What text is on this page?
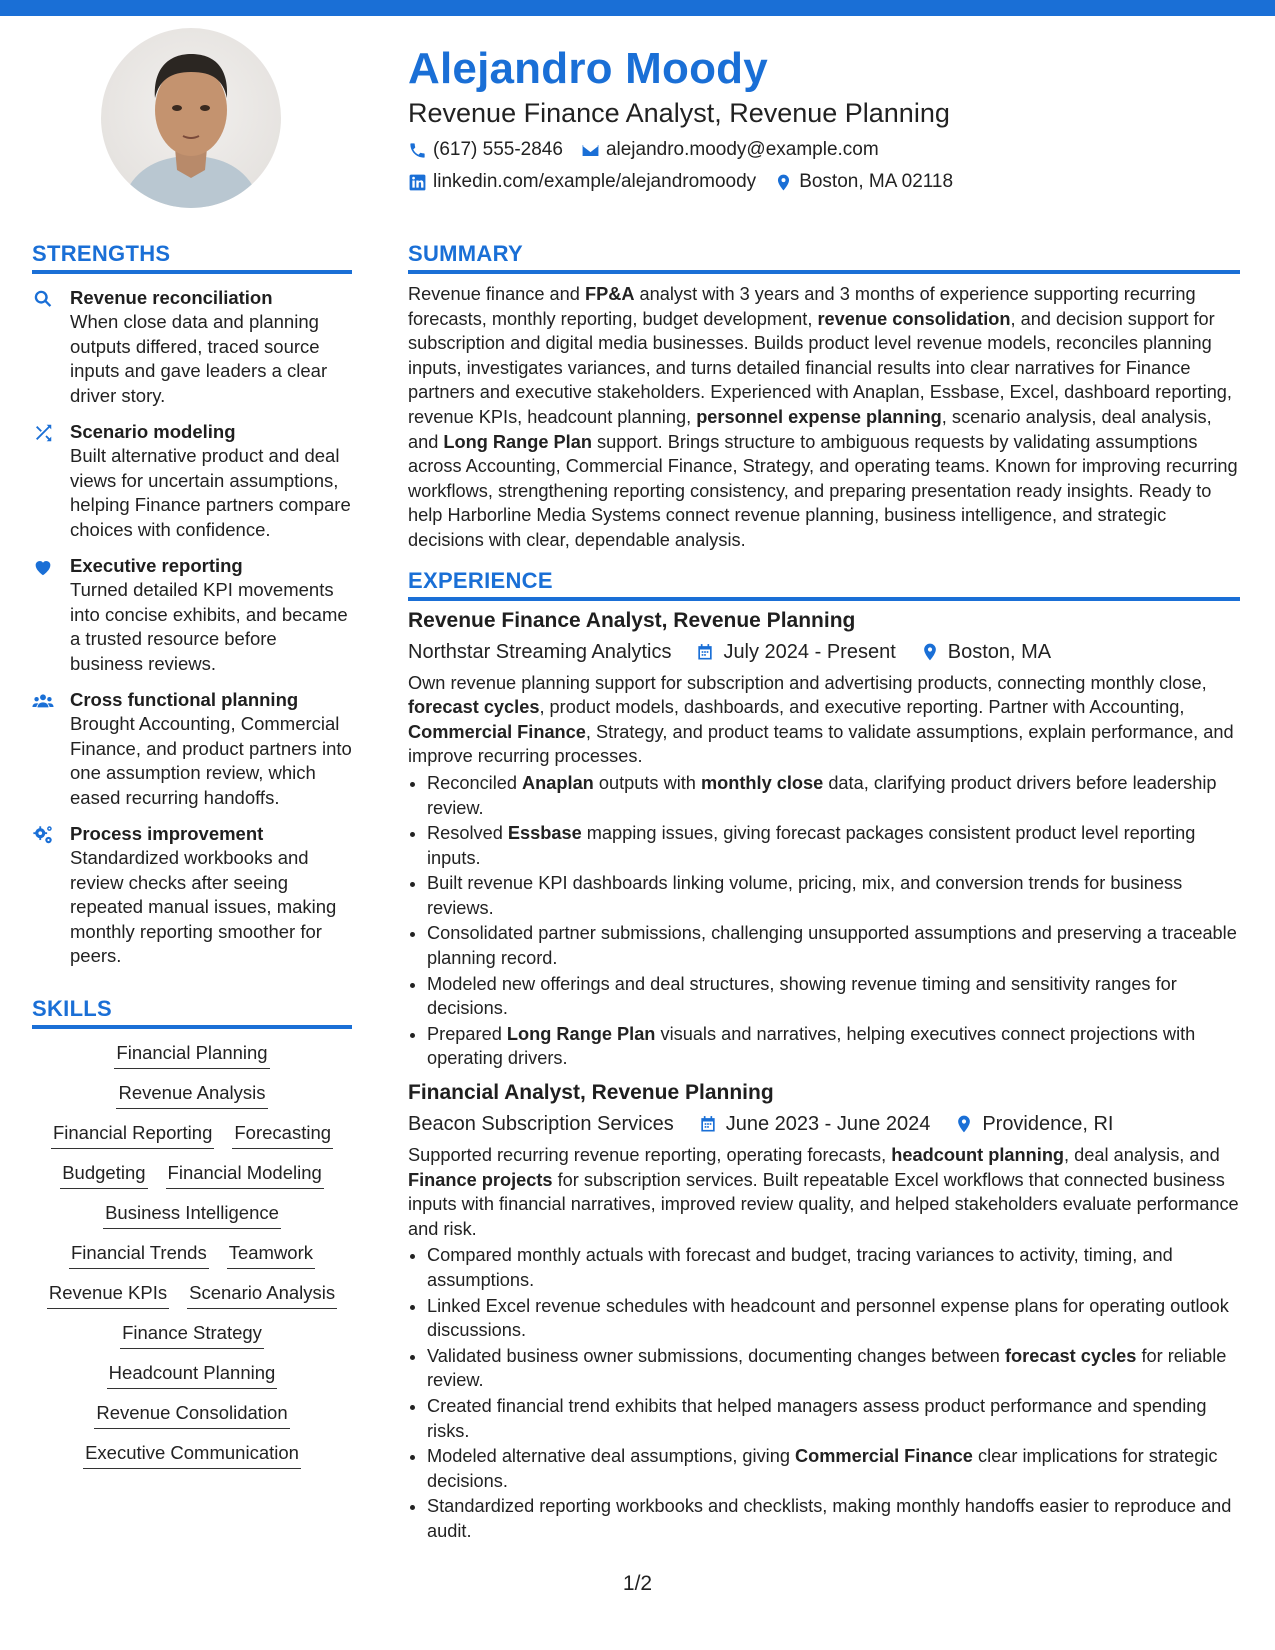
Alejandro Moody
Revenue Finance Analyst, Revenue Planning
(617) 555-2846 alejandro.moody@example.com
linkedin.com/example/alejandromoody Boston, MA 02118
STRENGTHS
Revenue reconciliation
When close data and planning outputs differed, traced source inputs and gave leaders a clear driver story.
Scenario modeling
Built alternative product and deal views for uncertain assumptions, helping Finance partners compare choices with confidence.
Executive reporting
Turned detailed KPI movements into concise exhibits, and became a trusted resource before business reviews.
Cross functional planning
Brought Accounting, Commercial Finance, and product partners into one assumption review, which eased recurring handoffs.
Process improvement
Standardized workbooks and review checks after seeing repeated manual issues, making monthly reporting smoother for peers.
SKILLS
Financial Planning
Revenue Analysis
Financial Reporting Forecasting
Budgeting Financial Modeling
Business Intelligence
Financial Trends Teamwork
Revenue KPIs Scenario Analysis
Finance Strategy
Headcount Planning
Revenue Consolidation
Executive Communication
SUMMARY
Revenue finance and FP&A analyst with 3 years and 3 months of experience supporting recurring forecasts, monthly reporting, budget development, revenue consolidation, and decision support for subscription and digital media businesses. Builds product level revenue models, reconciles planning inputs, investigates variances, and turns detailed financial results into clear narratives for Finance partners and executive stakeholders. Experienced with Anaplan, Essbase, Excel, dashboard reporting, revenue KPIs, headcount planning, personnel expense planning, scenario analysis, deal analysis, and Long Range Plan support. Brings structure to ambiguous requests by validating assumptions across Accounting, Commercial Finance, Strategy, and operating teams. Known for improving recurring workflows, strengthening reporting consistency, and preparing presentation ready insights. Ready to help Harborline Media Systems connect revenue planning, business intelligence, and strategic decisions with clear, dependable analysis.
EXPERIENCE
Revenue Finance Analyst, Revenue Planning
Northstar Streaming Analytics	July 2024 - Present	Boston, MA
Own revenue planning support for subscription and advertising products, connecting monthly close, forecast cycles, product models, dashboards, and executive reporting. Partner with Accounting, Commercial Finance, Strategy, and product teams to validate assumptions, explain performance, and improve recurring processes.
• Reconciled Anaplan outputs with monthly close data, clarifying product drivers before leadership review.
• Resolved Essbase mapping issues, giving forecast packages consistent product level reporting inputs.
• Built revenue KPI dashboards linking volume, pricing, mix, and conversion trends for business reviews.
• Consolidated partner submissions, challenging unsupported assumptions and preserving a traceable planning record.
• Modeled new offerings and deal structures, showing revenue timing and sensitivity ranges for decisions.
• Prepared Long Range Plan visuals and narratives, helping executives connect projections with operating drivers.
Financial Analyst, Revenue Planning
Beacon Subscription Services	June 2023 - June 2024	Providence, RI
Supported recurring revenue reporting, operating forecasts, headcount planning, deal analysis, and Finance projects for subscription services. Built repeatable Excel workflows that connected business inputs with financial narratives, improved review quality, and helped stakeholders evaluate performance and risk.
• Compared monthly actuals with forecast and budget, tracing variances to activity, timing, and assumptions.
• Linked Excel revenue schedules with headcount and personnel expense plans for operating outlook discussions.
• Validated business owner submissions, documenting changes between forecast cycles for reliable review.
• Created financial trend exhibits that helped managers assess product performance and spending risks.
• Modeled alternative deal assumptions, giving Commercial Finance clear implications for strategic decisions.
• Standardized reporting workbooks and checklists, making monthly handoffs easier to reproduce and audit.
1/2
